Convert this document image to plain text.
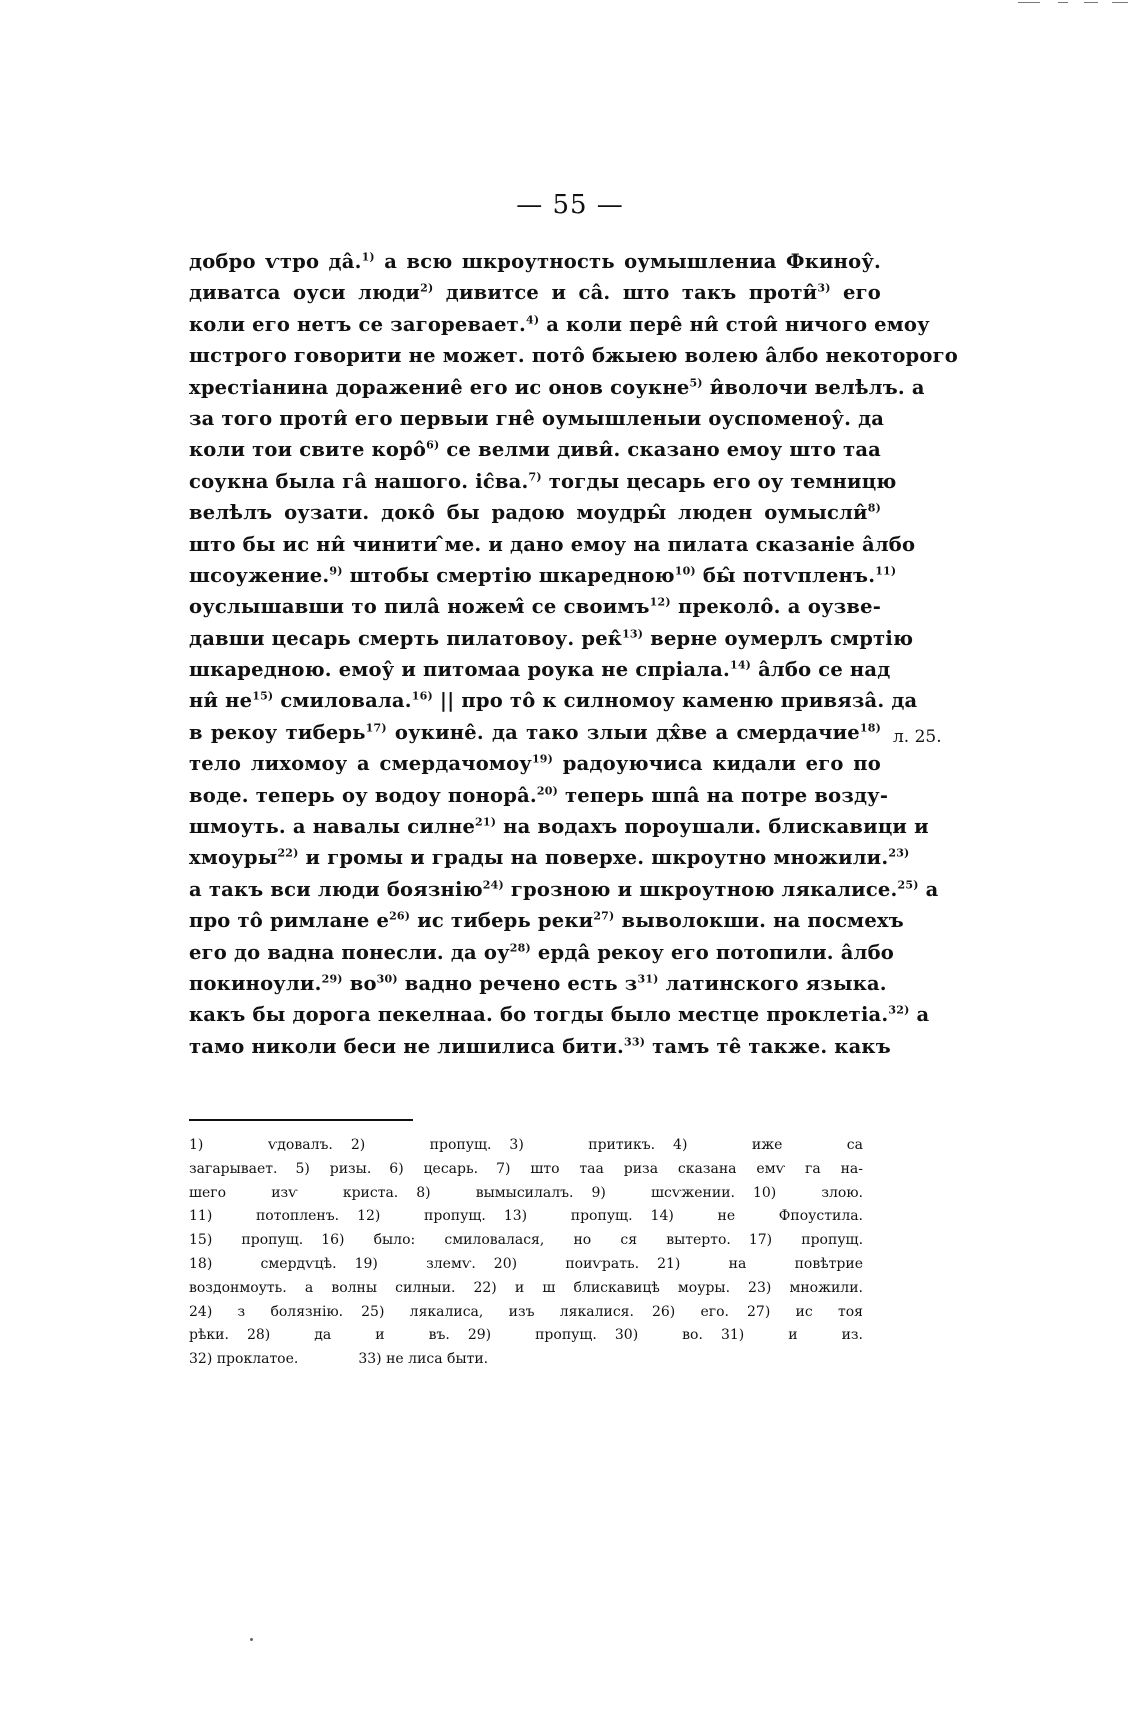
— 55 —
добро ѵтро да̂.$^{1)}$ а всю шкроутность оумышлениа Фкиноу̂.
диватса оуси люди$^{2)}$ дивитсе и са̂. што такъ проти̂$^{3)}$ его
коли его нетъ се загоревает.$^{4)}$ а коли пере̂ ни̂ стои̂ ничого емоу
шстрого говорити не может. пото̂ бжыею волею а̂лбо некоторого
хрестіанина доражение̂ его ис онов соукне$^{5)}$ и̂волочи велѣлъ. а
за того проти̂ его первыи гне̂ оумышленыи оуспоменоу̂. да
коли тои свите коро̂$^{6)}$ се велми диви̂. сказано емоу што таа
соукна была га̂ нашого. іс̂ва.$^{7)}$ тогды цесарь его оу темницю
велѣлъ оузати. доко̂ бы радою моудры̂ люден оумысли̂$^{8)}$
што бы ис ни̂ чинити ̂ме. и дано емоу на пилата сказаніе а̂лбо
шсоужение.$^{9)}$ штобы смертію шкаредною$^{10)}$ бы̂ потѵпленъ.$^{11)}$
оуслышавши то пила̂ ножем̂ се своимъ$^{12)}$ преколо̂. а оузве-
давши цесарь смерть пилатовоу. рек̂$^{13)}$ верне оумерлъ смртію
шкаредною. емоу̂ и питомаа роука не спріала.$^{14)}$ а̂лбо се над
ни̂ $не^{15)}$ смиловала.$^{16)}$ || про то̂ к силномоу каменю привяза̂. да
в рекоу тиберь$^{17)}$ оукине̂. да тако злыи дх̂ве а смердачие$^{18)}$
тело лихомоу а смердачомоу$^{19)}$ радоуючиса кидали его по
воде. теперь оу водоу понора̂.$^{20)}$ теперь шпа̂ на потре возду-
шмоуть. а навалы силне$^{21)}$ на водахъ пороушали. блискавици и
хмоуры$^{22)}$ и громы и грады на поверхе. шкроутно множили.$^{23)}$
а такъ вси люди боязнію$^{24)}$ грозною и шкроутною лякалисе.$^{25)}$ а
про то̂ римлане $е^{26)}$ ис тиберь реки$^{27)}$ выволокши. на посмехъ
его до вадна понесли. да $оу^{28)}$ ерда̂ рекоу его потопили. а̂лбо
покиноули.$^{29)}$ $во^{30)}$ вадно речено есть $з^{31)}$ латинского языка.
какъ бы дорога пекелнаа. бо тогды было местце проклетіа.$^{32)}$ а
тамо николи беси не лишилиса бити.$^{33)}$ тамъ те̂ такжe. какъ
л. 25.
1) ѵдовалъ. 2) пропущ. 3) притикъ. 4) иже са
загарывает. 5) ризы. 6) цесарь. 7) што таа риза сказана емѵ га на-
шего изѵ криста. 8) вымысилалъ. 9) шсѵжении. 10) злою.
11) потопленъ. 12) пропущ. 13) пропущ. 14) не Фпоустила.
15) пропущ. 16) было: смиловалася, но ся вытерто. 17) пропущ.
18) смердѵцѣ. 19) злемѵ. 20) поиѵрать. 21) на повѣтрие
воздонмоуть. а волны силныи. 22) и ш блискавицѣ моуры. 23) множили.
24) з болязнію. 25) лякалиса, изъ лякалися. 26) его. 27) ис тоя
рѣки. 28) да и въ. 29) пропущ. 30) во. 31) и из.
32) проклатое.	33) не лиса быти.
